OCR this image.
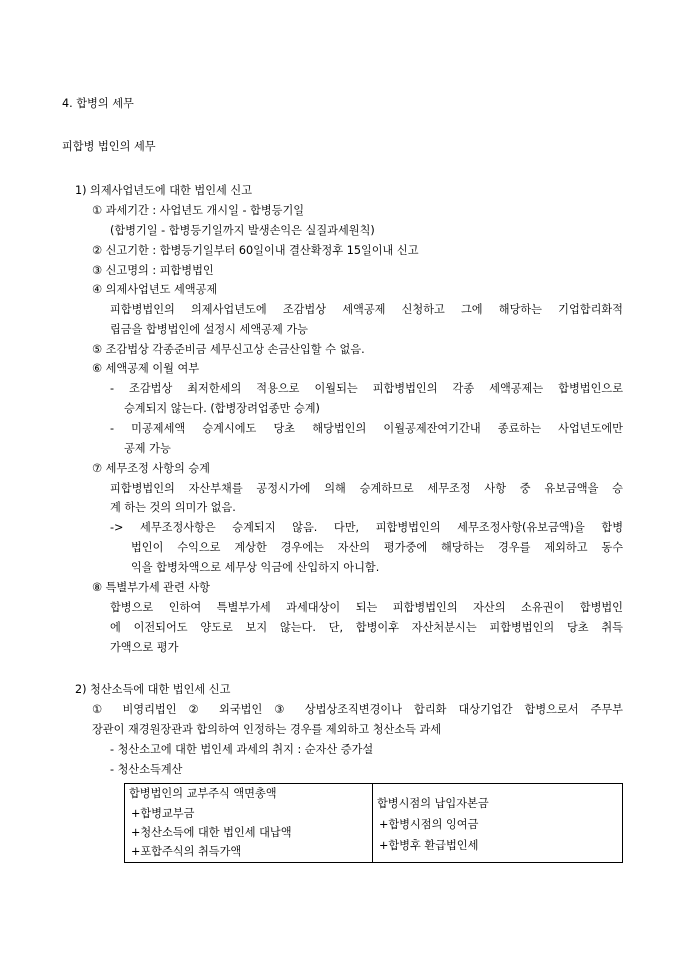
4. 합병의 세무
피합병 법인의 세무
1) 의제사업년도에 대한 법인세 신고
① 과세기간 : 사업년도 개시일 - 합병등기일
(합병기일 - 합병등기일까지 발생손익은 실질과세원칙)
② 신고기한 : 합병등기일부터 60일이내 결산확정후 15일이내 신고
③ 신고명의 : 피합병법인
④ 의제사업년도 세액공제
피합병법인의 의제사업년도에 조감법상 세액공제 신청하고 그에 해당하는 기업합리화적
립금을 합병법인에 설정시 세액공제 가능
⑤ 조감법상 각종준비금 세무신고상 손금산입할 수 없음.
⑥ 세액공제 이월 여부
- 조감법상 최저한세의 적용으로 이월되는 피합병법인의 각종 세액공제는 합병법인으로
승계되지 않는다. (합병장려업종만 승계)
- 미공제세액 승계시에도 당초 해당법인의 이월공제잔여기간내 종료하는 사업년도에만
공제 가능
⑦ 세무조정 사항의 승계
피합병법인의 자산부채를 공정시가에 의해 승계하므로 세무조정 사항 중 유보금액을 승
계 하는 것의 의미가 없음.
-> 세무조정사항은 승계되지 않음. 다만, 피합병법인의 세무조정사항(유보금액)을 합병
법인이 수익으로 계상한 경우에는 자산의 평가중에 해당하는 경우를 제외하고 동수
익을 합병차액으로 세무상 익금에 산입하지 아니함.
⑧ 특별부가세 관련 사항
합병으로 인하여 특별부가세 과세대상이 되는 피합병법인의 자산의 소유권이 합병법인
에 이전되어도 양도로 보지 않는다. 단, 합병이후 자산처분시는 피합병법인의 당초 취득
가액으로 평가
2) 청산소득에 대한 법인세 신고
① 비영리법인 ② 외국법인 ③ 상법상조직변경이나 합리화 대상기업간 합병으로서 주무부
장관이 재경원장관과 합의하여 인정하는 경우를 제외하고 청산소득 과세
- 청산소고에 대한 법인세 과세의 취지 : 순자산 증가설
- 청산소득계산
합병법인의 교부주식 액면총액
+합병교부금
+청산소득에 대한 법인세 대납액
+포합주식의 취득가액

합병시점의 납입자본금
+합병시점의 잉여금
+합병후 환급법인세
